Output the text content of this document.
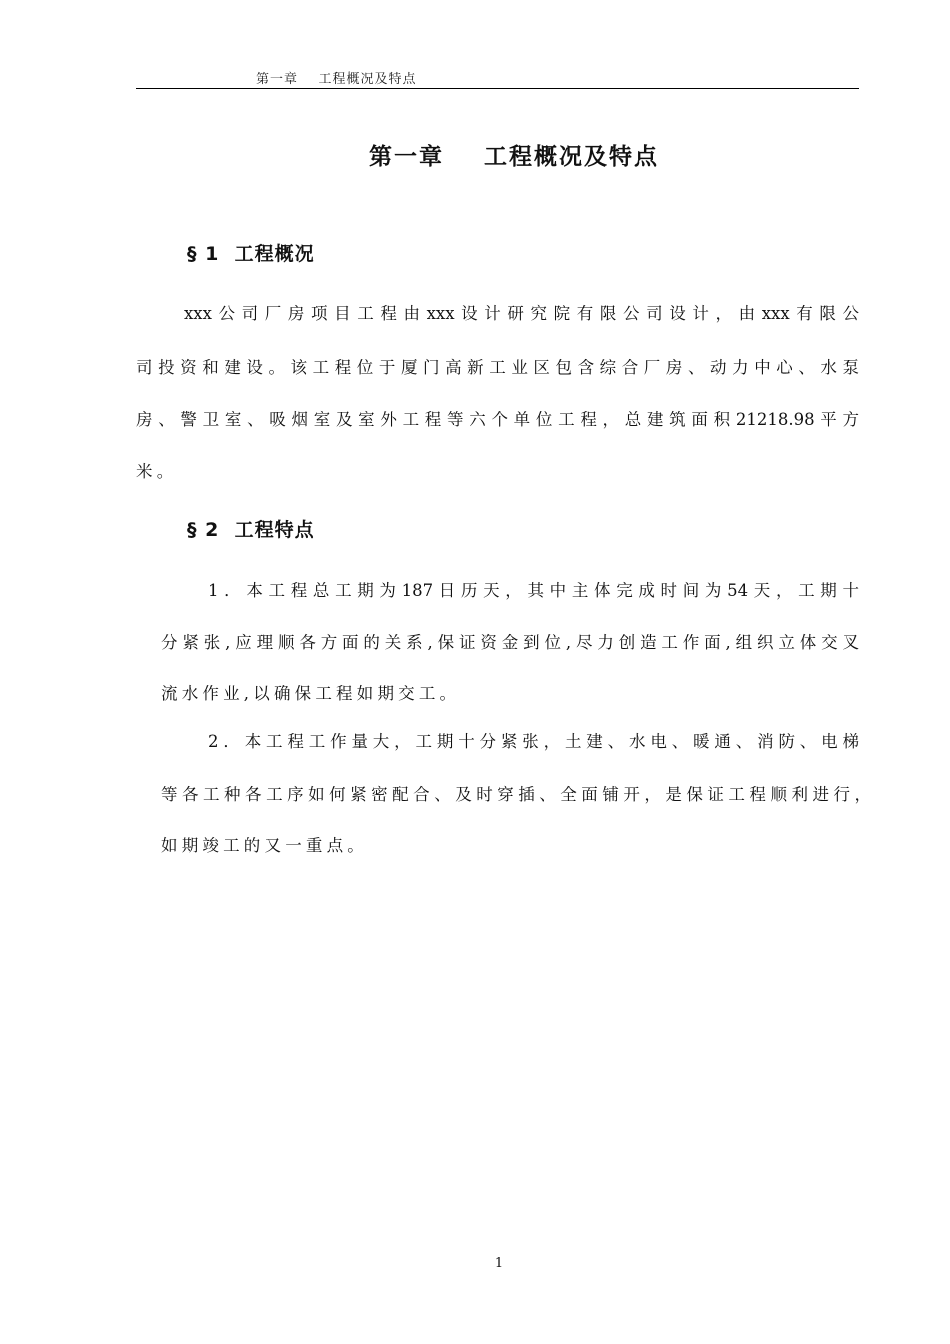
第一章    工程概况及特点
第一章    工程概况及特点
§ 1  工程概况
xxx公司厂房项目工程由xxx设计研究院有限公司设计，由xxx有限公
司投资和建设。该工程位于厦门高新工业区包含综合厂房、动力中心、水泵
房、警卫室、吸烟室及室外工程等六个单位工程，总建筑面积21218.98平方
米。
§ 2  工程特点
1．本工程总工期为187日历天，其中主体完成时间为54天，工期十
分紧张,应理顺各方面的关系,保证资金到位,尽力创造工作面,组织立体交叉
流水作业,以确保工程如期交工。
2．本工程工作量大，工期十分紧张，土建、水电、暖通、消防、电梯
等各工种各工序如何紧密配合、及时穿插、全面铺开，是保证工程顺利进行，
如期竣工的又一重点。
1
